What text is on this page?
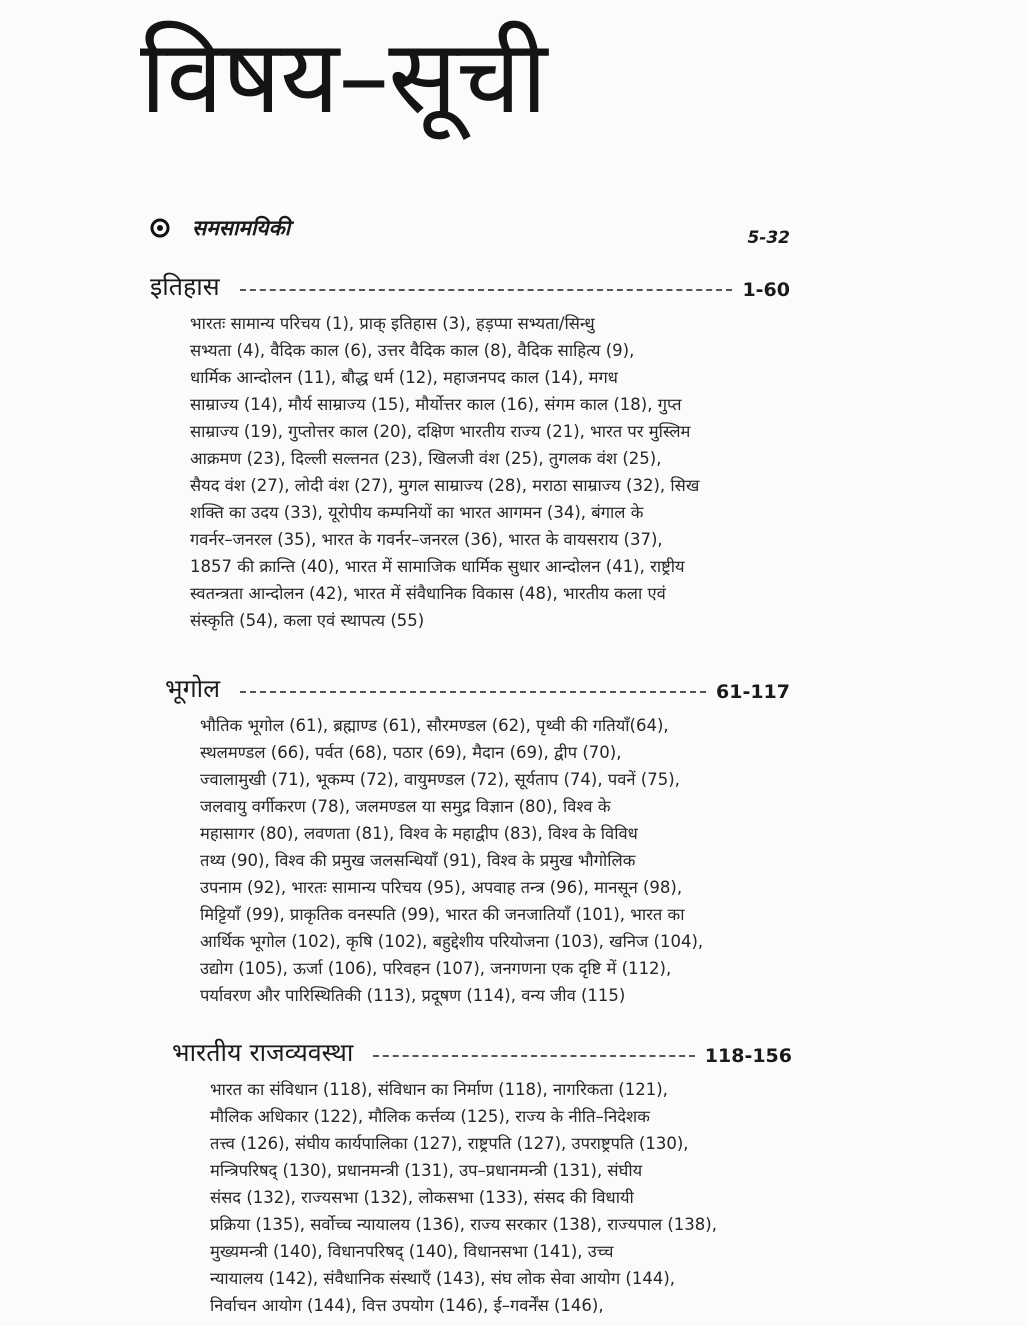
विषय–सूची
समसामयिकी	5-32
इतिहास	1-60
भारतः सामान्य परिचय (1), प्राक् इतिहास (3), हड़प्पा सभ्यता/सिन्धु
सभ्यता (4), वैदिक काल (6), उत्तर वैदिक काल (8), वैदिक साहित्य (9),
धार्मिक आन्दोलन (11), बौद्ध धर्म (12), महाजनपद काल (14), मगध
साम्राज्य (14), मौर्य साम्राज्य (15), मौर्योत्तर काल (16), संगम काल (18), गुप्त
साम्राज्य (19), गुप्तोत्तर काल (20), दक्षिण भारतीय राज्य (21), भारत पर मुस्लिम
आक्रमण (23), दिल्ली सल्तनत (23), खिलजी वंश (25), तुगलक वंश (25),
सैयद वंश (27), लोदी वंश (27), मुगल साम्राज्य (28), मराठा साम्राज्य (32), सिख
शक्ति का उदय (33), यूरोपीय कम्पनियों का भारत आगमन (34), बंगाल के
गवर्नर–जनरल (35), भारत के गवर्नर–जनरल (36), भारत के वायसराय (37),
1857 की क्रान्ति (40), भारत में सामाजिक धार्मिक सुधार आन्दोलन (41), राष्ट्रीय
स्वतन्त्रता आन्दोलन (42), भारत में संवैधानिक विकास (48), भारतीय कला एवं
संस्कृति (54), कला एवं स्थापत्य (55)
भूगोल	61-117
भौतिक भूगोल (61), ब्रह्माण्ड (61), सौरमण्डल (62), पृथ्वी की गतियाँ(64),
स्थलमण्डल (66), पर्वत (68), पठार (69), मैदान (69), द्वीप (70),
ज्वालामुखी (71), भूकम्प (72), वायुमण्डल (72), सूर्यताप (74), पवनें (75),
जलवायु वर्गीकरण (78), जलमण्डल या समुद्र विज्ञान (80), विश्व के
महासागर (80), लवणता (81), विश्व के महाद्वीप (83), विश्व के विविध
तथ्य (90), विश्व की प्रमुख जलसन्धियाँ (91), विश्व के प्रमुख भौगोलिक
उपनाम (92), भारतः सामान्य परिचय (95), अपवाह तन्त्र (96), मानसून (98),
मिट्टियाँ (99), प्राकृतिक वनस्पति (99), भारत की जनजातियाँ (101), भारत का
आर्थिक भूगोल (102), कृषि (102), बहुद्देशीय परियोजना (103), खनिज (104),
उद्योग (105), ऊर्जा (106), परिवहन (107), जनगणना एक दृष्टि में (112),
पर्यावरण और पारिस्थितिकी (113), प्रदूषण (114), वन्य जीव (115)
भारतीय राजव्यवस्था	118-156
भारत का संविधान (118), संविधान का निर्माण (118), नागरिकता (121),
मौलिक अधिकार (122), मौलिक कर्त्तव्य (125), राज्य के नीति–निदेशक
तत्त्व (126), संघीय कार्यपालिका (127), राष्ट्रपति (127), उपराष्ट्रपति (130),
मन्त्रिपरिषद् (130), प्रधानमन्त्री (131), उप–प्रधानमन्त्री (131), संघीय
संसद (132), राज्यसभा (132), लोकसभा (133), संसद की विधायी
प्रक्रिया (135), सर्वोच्च न्यायालय (136), राज्य सरकार (138), राज्यपाल (138),
मुख्यमन्त्री (140), विधानपरिषद् (140), विधानसभा (141), उच्च
न्यायालय (142), संवैधानिक संस्थाएँ (143), संघ लोक सेवा आयोग (144),
निर्वाचन आयोग (144), वित्त उपयोग (146), ई–गवर्नेंस (146),
